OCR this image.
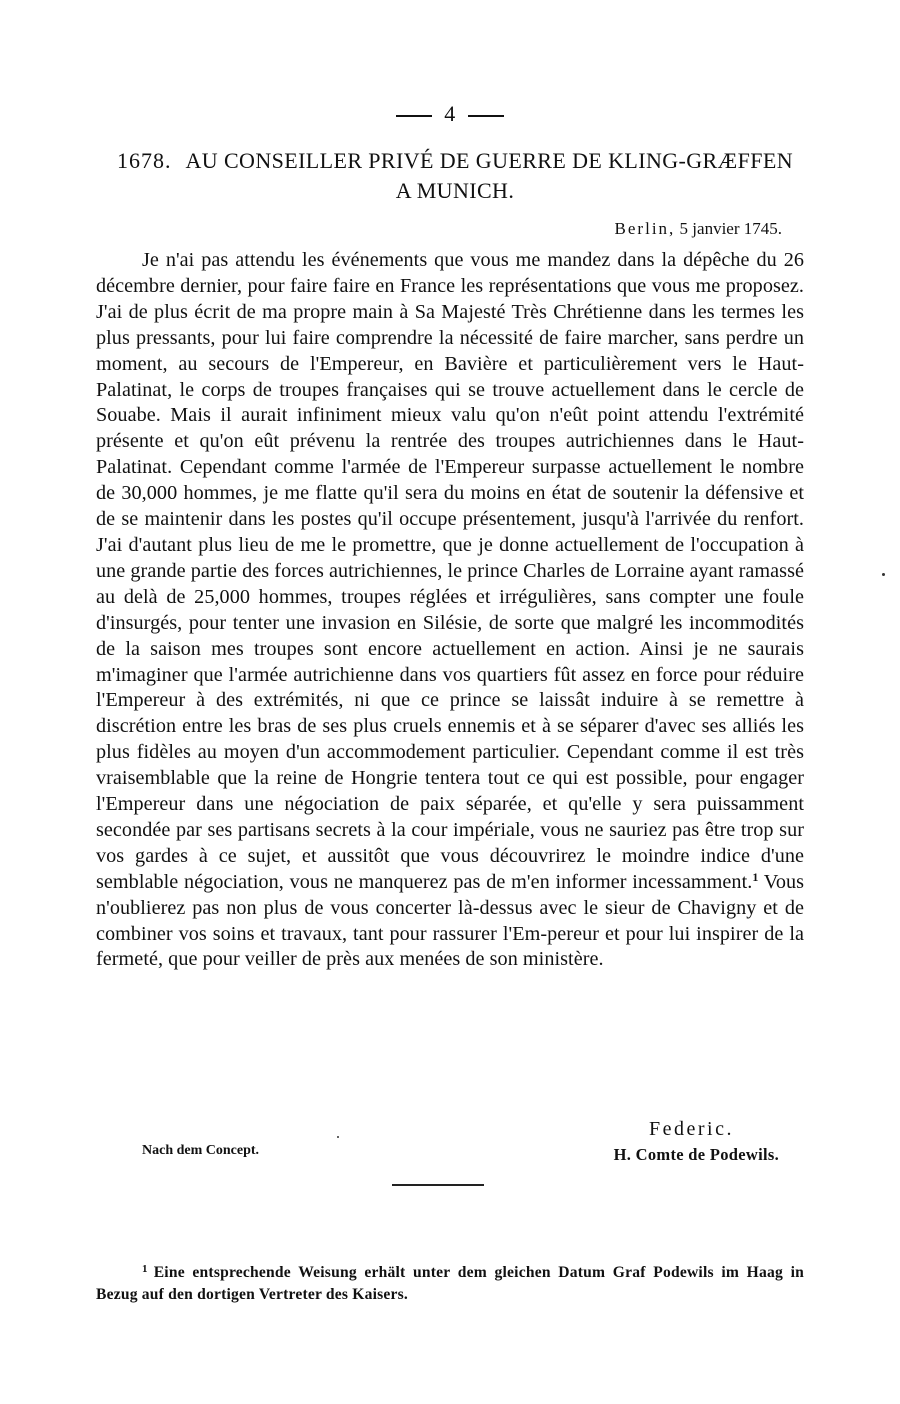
4
1678. AU CONSEILLER PRIVÉ DE GUERRE DE KLING-GRÆFFEN A MUNICH.
Berlin, 5 janvier 1745.
Je n'ai pas attendu les événements que vous me mandez dans la dépêche du 26 décembre dernier, pour faire faire en France les représentations que vous me proposez. J'ai de plus écrit de ma propre main à Sa Majesté Très Chrétienne dans les termes les plus pressants, pour lui faire comprendre la nécessité de faire marcher, sans perdre un moment, au secours de l'Empereur, en Bavière et particulièrement vers le Haut-Palatinat, le corps de troupes françaises qui se trouve actuellement dans le cercle de Souabe. Mais il aurait infiniment mieux valu qu'on n'eût point attendu l'extrémité présente et qu'on eût prévenu la rentrée des troupes autrichiennes dans le Haut-Palatinat. Cependant comme l'armée de l'Empereur surpasse actuellement le nombre de 30,000 hommes, je me flatte qu'il sera du moins en état de soutenir la défensive et de se maintenir dans les postes qu'il occupe présentement, jusqu'à l'arrivée du renfort. J'ai d'autant plus lieu de me le promettre, que je donne actuellement de l'occupation à une grande partie des forces autrichiennes, le prince Charles de Lorraine ayant ramassé au delà de 25,000 hommes, troupes réglées et irrégulières, sans compter une foule d'insurgés, pour tenter une invasion en Silésie, de sorte que malgré les incommodités de la saison mes troupes sont encore actuellement en action. Ainsi je ne saurais m'imaginer que l'armée autrichienne dans vos quartiers fût assez en force pour réduire l'Empereur à des extrémités, ni que ce prince se laissât induire à se remettre à discrétion entre les bras de ses plus cruels ennemis et à se séparer d'avec ses alliés les plus fidèles au moyen d'un accommodement particulier. Cependant comme il est très vraisemblable que la reine de Hongrie tentera tout ce qui est possible, pour engager l'Empereur dans une négociation de paix séparée, et qu'elle y sera puissamment secondée par ses partisans secrets à la cour impériale, vous ne sauriez pas être trop sur vos gardes à ce sujet, et aussitôt que vous découvrirez le moindre indice d'une semblable négociation, vous ne manquerez pas de m'en informer incessamment.$^1$ Vous n'oublierez pas non plus de vous concerter là-dessus avec le sieur de Chavigny et de combiner vos soins et travaux, tant pour rassurer l'Em-pereur et pour lui inspirer de la fermeté, que pour veiller de près aux menées de son ministère.
Federic.
Nach dem Concept.	H. Comte de Podewils.
$^1$ Eine entsprechende Weisung erhält unter dem gleichen Datum Graf Podewils im Haag in Bezug auf den dortigen Vertreter des Kaisers.
